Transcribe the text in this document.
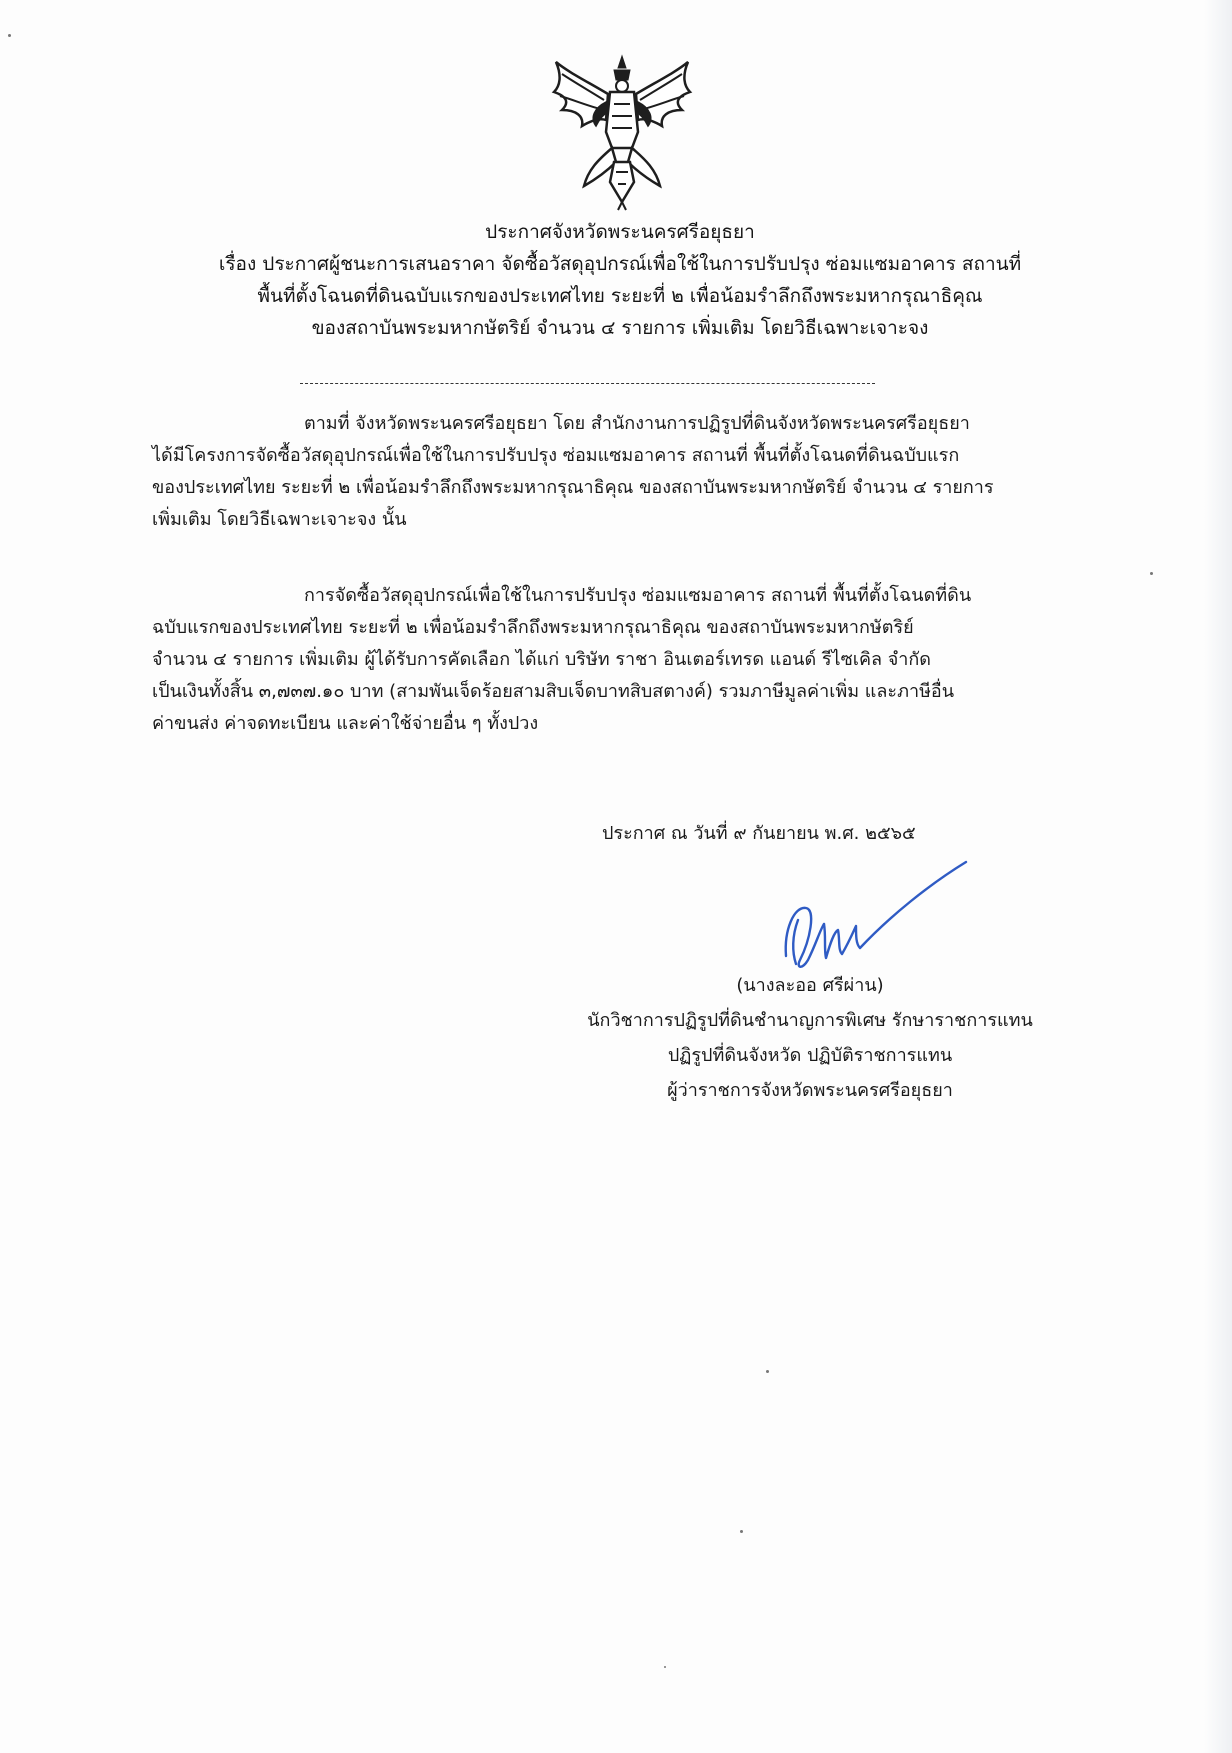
ประกาศจังหวัดพระนครศรีอยุธยา
เรื่อง ประกาศผู้ชนะการเสนอราคา จัดซื้อวัสดุอุปกรณ์เพื่อใช้ในการปรับปรุง ซ่อมแซมอาคาร สถานที่
พื้นที่ตั้งโฉนดที่ดินฉบับแรกของประเทศไทย ระยะที่ ๒ เพื่อน้อมรำลึกถึงพระมหากรุณาธิคุณ
ของสถาบันพระมหากษัตริย์ จำนวน ๔ รายการ เพิ่มเติม โดยวิธีเฉพาะเจาะจง
ตามที่ จังหวัดพระนครศรีอยุธยา โดย สำนักงานการปฏิรูปที่ดินจังหวัดพระนครศรีอยุธยา
ได้มีโครงการจัดซื้อวัสดุอุปกรณ์เพื่อใช้ในการปรับปรุง ซ่อมแซมอาคาร สถานที่ พื้นที่ตั้งโฉนดที่ดินฉบับแรก
ของประเทศไทย ระยะที่ ๒ เพื่อน้อมรำลึกถึงพระมหากรุณาธิคุณ ของสถาบันพระมหากษัตริย์ จำนวน ๔ รายการ
เพิ่มเติม โดยวิธีเฉพาะเจาะจง นั้น
การจัดซื้อวัสดุอุปกรณ์เพื่อใช้ในการปรับปรุง ซ่อมแซมอาคาร สถานที่ พื้นที่ตั้งโฉนดที่ดิน
ฉบับแรกของประเทศไทย ระยะที่ ๒ เพื่อน้อมรำลึกถึงพระมหากรุณาธิคุณ ของสถาบันพระมหากษัตริย์
จำนวน ๔ รายการ เพิ่มเติม ผู้ได้รับการคัดเลือก ได้แก่ บริษัท ราชา อินเตอร์เทรด แอนด์ รีไซเคิล จำกัด
เป็นเงินทั้งสิ้น ๓,๗๓๗.๑๐ บาท (สามพันเจ็ดร้อยสามสิบเจ็ดบาทสิบสตางค์) รวมภาษีมูลค่าเพิ่ม และภาษีอื่น
ค่าขนส่ง ค่าจดทะเบียน และค่าใช้จ่ายอื่น ๆ ทั้งปวง
ประกาศ ณ วันที่ ๙ กันยายน พ.ศ. ๒๕๖๕
(นางละออ ศรีผ่าน)
นักวิชาการปฏิรูปที่ดินชำนาญการพิเศษ รักษาราชการแทน
ปฏิรูปที่ดินจังหวัด ปฏิบัติราชการแทน
ผู้ว่าราชการจังหวัดพระนครศรีอยุธยา
